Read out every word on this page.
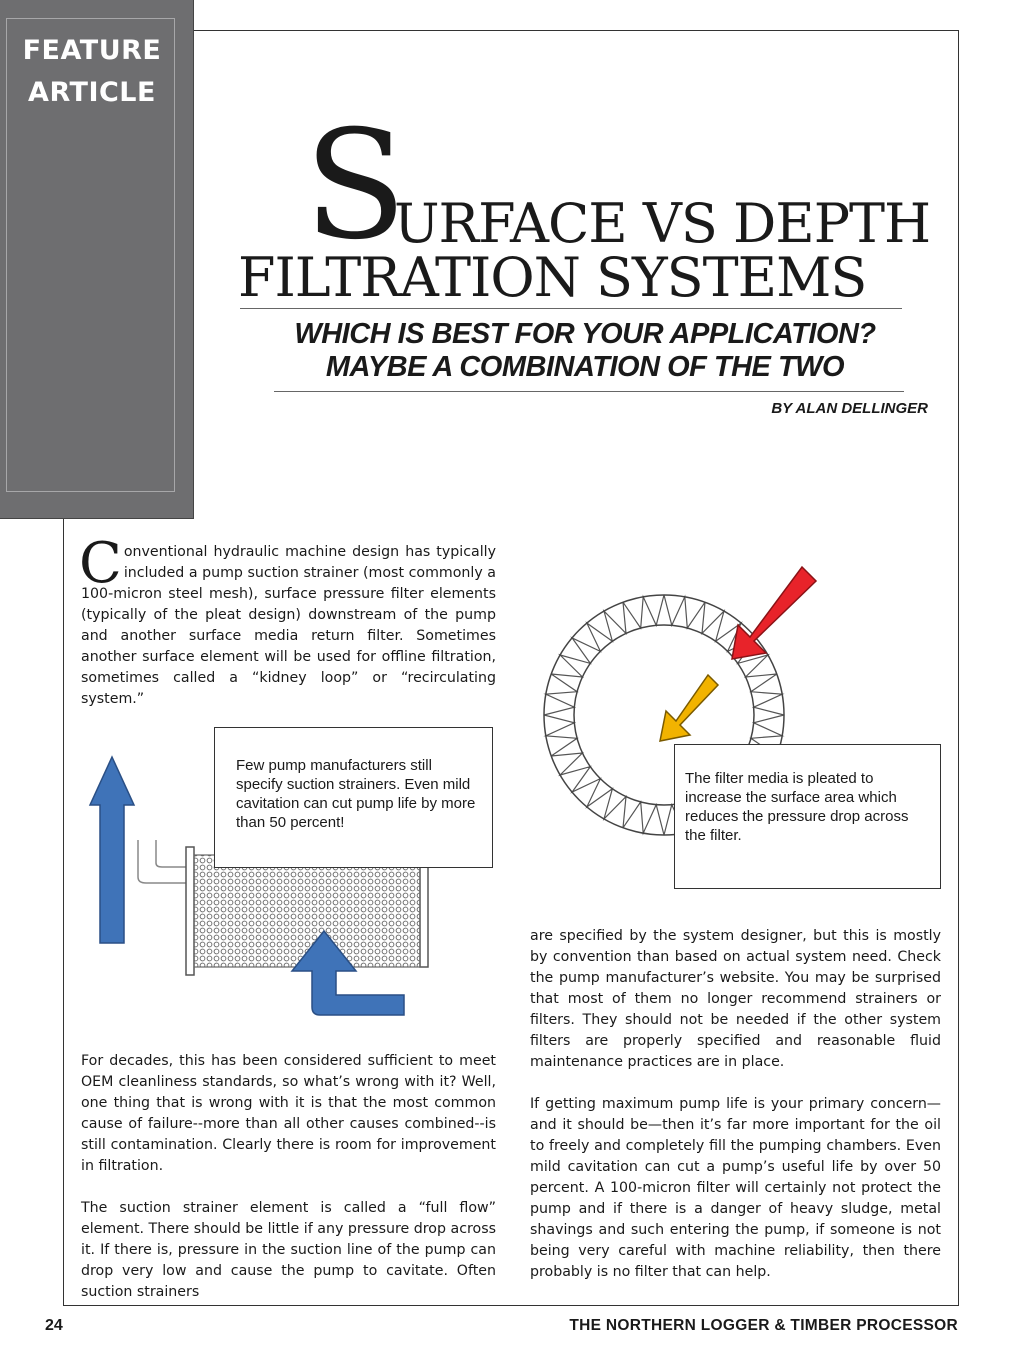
FEATURE
ARTICLE
S
URFACE VS DEPTH
FILTRATION SYSTEMS
WHICH IS BEST FOR YOUR APPLICATION?
MAYBE A COMBINATION OF THE TWO
BY ALAN DELLINGER

Conventional hydraulic machine design has typically included a pump suction strainer (most commonly a 100-micron steel mesh), surface pressure filter elements (typically of the pleat design) downstream of the pump and another surface media return filter. Sometimes another surface element will be used for offline filtration, sometimes called a “kidney loop” or “recirculating system.”

Few pump manufacturers still specify suction strainers. Even mild cavitation can cut pump life by more than 50 percent!
The filter media is pleated to increase the surface area which reduces the pressure drop across the filter.

For decades, this has been considered sufficient to meet OEM cleanliness standards, so what’s wrong with it? Well, one thing that is wrong with it is that the most common cause of failure--more than all other causes combined--is still contamination. Clearly there is room for improvement in filtration.

The suction strainer element is called a “full flow” element. There should be little if any pressure drop across it. If there is, pressure in the suction line of the pump can drop very low and cause the pump to cavitate. Often suction strainers

are specified by the system designer, but this is mostly by convention than based on actual system need. Check the pump manufacturer’s website. You may be surprised that most of them no longer recommend strainers or filters. They should not be needed if the other system filters are properly specified and reasonable fluid maintenance practices are in place.

If getting maximum pump life is your primary concern—and it should be—then it’s far more important for the oil to freely and completely fill the pumping chambers. Even mild cavitation can cut a pump’s useful life by over 50 percent. A 100-micron filter will certainly not protect the pump and if there is a danger of heavy sludge, metal shavings and such entering the pump, if someone is not being very careful with machine reliability, then there probably is no filter that can help.

24	THE NORTHERN LOGGER & TIMBER PROCESSOR
